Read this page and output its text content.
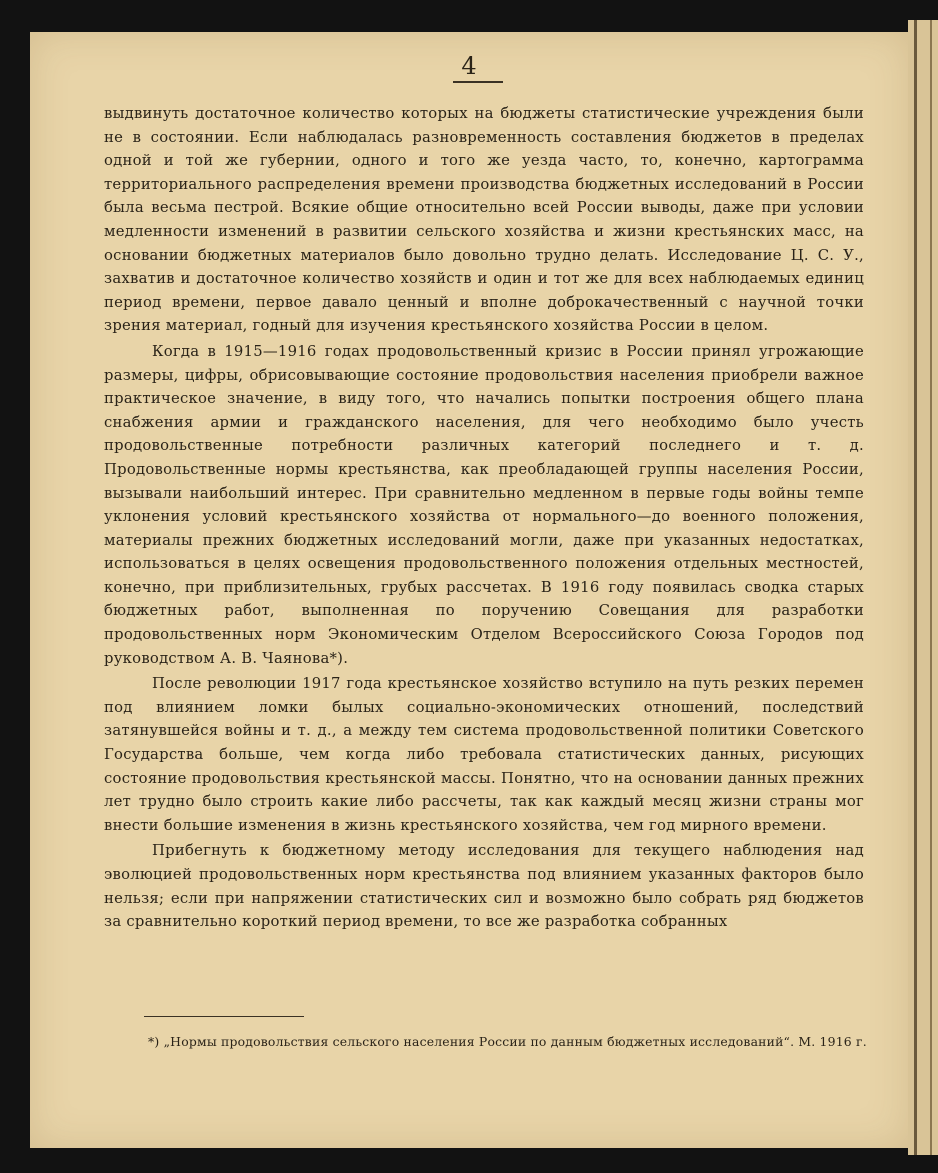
4

выдвинуть достаточное количество которых на бюджеты статистические учреждения были не в состоянии. Если наблюдалась разновременность составления бюджетов в пределах одной и той же губернии, одного и того же уезда часто, то, конечно, картограмма территориального распределения времени производства бюджетных исследований в России была весьма пестрой. Всякие общие относительно всей России выводы, даже при условии медленности изменений в развитии сельского хозяйства и жизни крестьянских масс, на основании бюджетных материалов было довольно трудно делать. Исследование Ц. С. У., захватив и достаточное количество хозяйств и один и тот же для всех наблюдаемых единиц период времени, первое давало ценный и вполне доброкачественный с научной точки зрения материал, годный для изучения крестьянского хозяйства России в целом.

Когда в 1915—1916 годах продовольственный кризис в России принял угрожающие размеры, цифры, обрисовывающие состояние продовольствия населения приобрели важное практическое значение, в виду того, что начались попытки построения общего плана снабжения армии и гражданского населения, для чего необходимо было учесть продовольственные потребности различных категорий последнего и т. д. Продовольственные нормы крестьянства, как преобладающей группы населения России, вызывали наибольший интерес. При сравнительно медленном в первые годы войны темпе уклонения условий крестьянского хозяйства от нормального—до военного положения, материалы прежних бюджетных исследований могли, даже при указанных недостатках, использоваться в целях освещения продовольственного положения отдельных местностей, конечно, при приблизительных, грубых рассчетах. В 1916 году появилась сводка старых бюджетных работ, выполненная по поручению Совещания для разработки продовольственных норм Экономическим Отделом Всероссийского Союза Городов под руководством А. В. Чаянова*).

После революции 1917 года крестьянское хозяйство вступило на путь резких перемен под влиянием ломки былых социально-экономических отношений, последствий затянувшейся войны и т. д., а между тем система продовольственной политики Советского Государства больше, чем когда либо требовала статистических данных, рисующих состояние продовольствия крестьянской массы. Понятно, что на основании данных прежних лет трудно было строить какие либо рассчеты, так как каждый месяц жизни страны мог внести большие изменения в жизнь крестьянского хозяйства, чем год мирного времени.

Прибегнуть к бюджетному методу исследования для текущего наблюдения над эволюцией продовольственных норм крестьянства под влиянием указанных факторов было нельзя; если при напряжении статистических сил и возможно было собрать ряд бюджетов за сравнительно короткий период времени, то все же разработка собранных

*) „Нормы продовольствия сельского населения России по данным бюджетных исследований“. М. 1916 г.
